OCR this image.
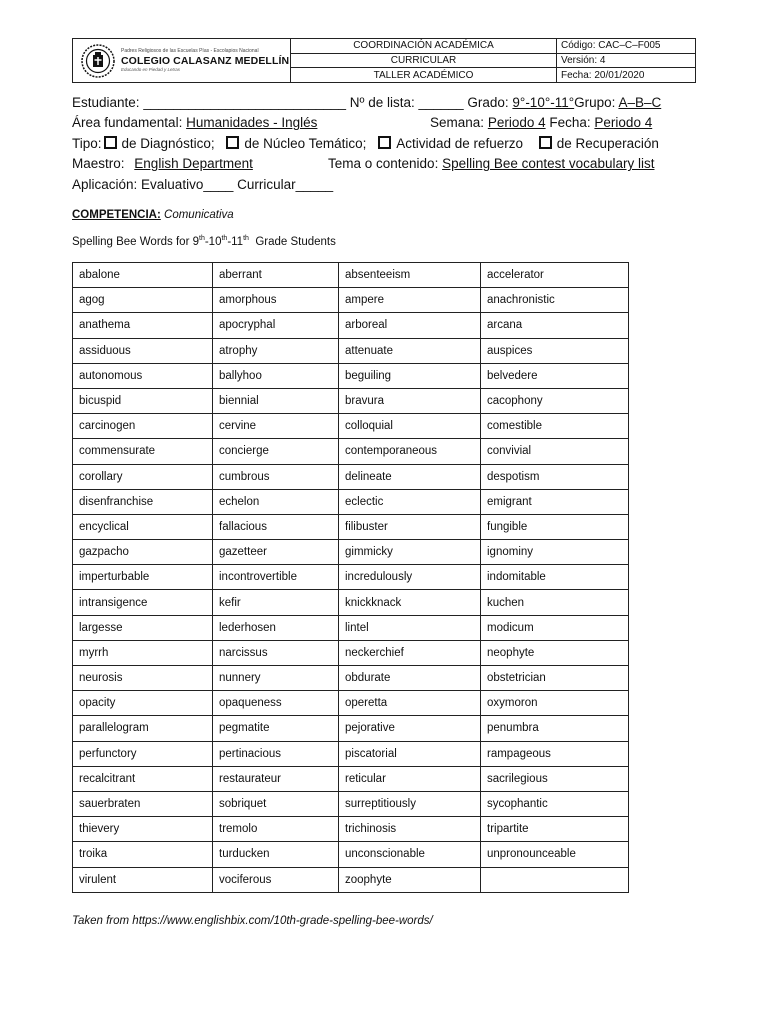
Padres Religiosos de las Escuelas Pías - Escolapios Nacional
COLEGIO CALASANZ MEDELLÍN
Educando en Piedad y Letras
COORDINACIÓN ACADÉMICA
CURRICULAR
TALLER ACADÉMICO
Código: CAC–C–F005
Versión: 4
Fecha: 20/01/2020
Estudiante: ___________________________ Nº de lista: ______ Grado: 9°-10°-11°Grupo: A–B–C
Área fundamental: Humanidades - Inglés	Semana: Periodo 4 Fecha: Periodo 4
Tipo: de Diagnóstico; de Núcleo Temático; Actividad de refuerzo	de Recuperación
Maestro: English Department	Tema o contenido: Spelling Bee contest vocabulary list
Aplicación: Evaluativo____ Curricular_____
COMPETENCIA: Comunicativa
Spelling Bee Words for 9th-10th-11th  Grade Students
abalone	aberrant	absenteeism	accelerator
agog	amorphous	ampere	anachronistic
anathema	apocryphal	arboreal	arcana
assiduous	atrophy	attenuate	auspices
autonomous	ballyhoo	beguiling	belvedere
bicuspid	biennial	bravura	cacophony
carcinogen	cervine	colloquial	comestible
commensurate	concierge	contemporaneous	convivial
corollary	cumbrous	delineate	despotism
disenfranchise	echelon	eclectic	emigrant
encyclical	fallacious	filibuster	fungible
gazpacho	gazetteer	gimmicky	ignominy
imperturbable	incontrovertible	incredulously	indomitable
intransigence	kefir	knickknack	kuchen
largesse	lederhosen	lintel	modicum
myrrh	narcissus	neckerchief	neophyte
neurosis	nunnery	obdurate	obstetrician
opacity	opaqueness	operetta	oxymoron
parallelogram	pegmatite	pejorative	penumbra
perfunctory	pertinacious	piscatorial	rampageous
recalcitrant	restaurateur	reticular	sacrilegious
sauerbraten	sobriquet	surreptitiously	sycophantic
thievery	tremolo	trichinosis	tripartite
troika	turducken	unconscionable	unpronounceable
virulent	vociferous	zoophyte	
Taken from https://www.englishbix.com/10th-grade-spelling-bee-words/
